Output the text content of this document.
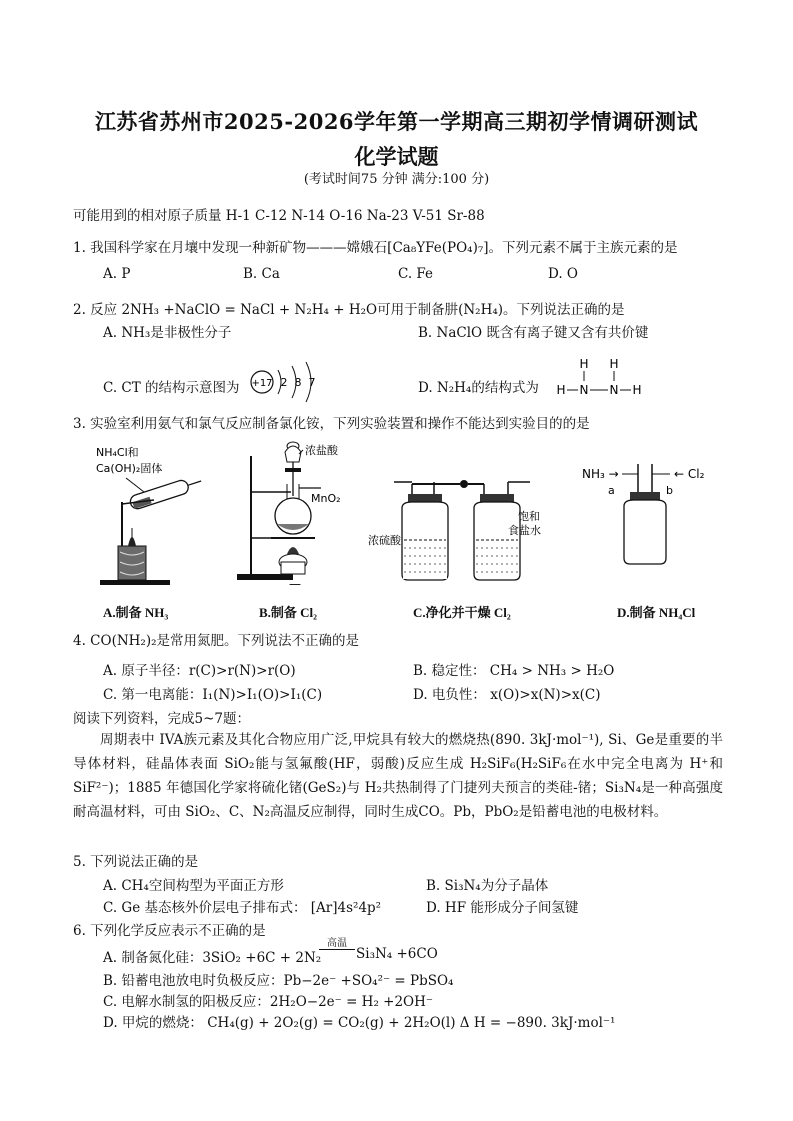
江苏省苏州市2025-2026学年第一学期高三期初学情调研测试
化学试题
(考试时间75 分钟 满分:100 分)
可能用到的相对原子质量 H-1 C-12 N-14 O-16 Na-23 V-51 Sr-88
1. 我国科学家在月壤中发现一种新矿物———嫦娥石[Ca₈YFe(PO₄)₇]。下列元素不属于主族元素的是
A. P	B. Ca	C. Fe	D. O
2. 反应 2NH₃ +NaClO = NaCl + N₂H₄ + H₂O可用于制备肼(N₂H₄)。下列说法正确的是
A. NH₃是非极性分子	B. NaClO 既含有离子键又含有共价键
C. CT 的结构示意图为 +17 2 8 7	D. N₂H₄的结构式为
H H
H N N H
3. 实验室利用氨气和氯气反应制备氯化铵，下列实验装置和操作不能达到实验目的的是
NH₄Cl和
Ca(OH)₂固体
浓盐酸
MnO₂
—
浓硫酸
饱和
食盐水
NH₃ →	← Cl₂
a	b
A.制备 NH₃	B.制备 Cl₂	C.净化并干燥 Cl₂	D.制备 NH₄Cl
4. CO(NH₂)₂是常用氮肥。下列说法不正确的是
A. 原子半径：r(C)>r(N)>r(O)	B. 稳定性： CH₄ > NH₃ > H₂O
C. 第一电离能：I₁(N)>I₁(O)>I₁(C)	D. 电负性： x(O)>x(N)>x(C)
阅读下列资料，完成5~7题：
周期表中 IVA族元素及其化合物应用广泛,甲烷具有较大的燃烧热(890. 3kJ·mol⁻¹), Si、Ge是重要的半导体材料，硅晶体表面 SiO₂能与氢氟酸(HF，弱酸)反应生成 H₂SiF₆(H₂SiF₆在水中完全电离为 H⁺和 SiF²⁻)；1885 年德国化学家将硫化锗(GeS₂)与 H₂共热制得了门捷列夫预言的类硅-锗；Si₃N₄是一种高强度耐高温材料，可由 SiO₂、C、N₂高温反应制得，同时生成CO。Pb，PbO₂是铅蓄电池的电极材料。
5. 下列说法正确的是
A. CH₄空间构型为平面正方形	B. Si₃N₄为分子晶体
C. Ge 基态核外价层电子排布式： [Ar]4s²4p²	D. HF 能形成分子间氢键
6. 下列化学反应表示不正确的是
A. 制备氮化硅：3SiO₂ +6C + 2N₂
高温
Si₃N₄ +6CO
B. 铅蓄电池放电时负极反应：Pb−2e⁻ +SO₄²⁻ = PbSO₄
C. 电解水制氢的阳极反应：2H₂O−2e⁻ = H₂ +2OH⁻
D. 甲烷的燃烧： CH₄(g) + 2O₂(g) = CO₂(g) + 2H₂O(l) Δ H = −890. 3kJ·mol⁻¹
